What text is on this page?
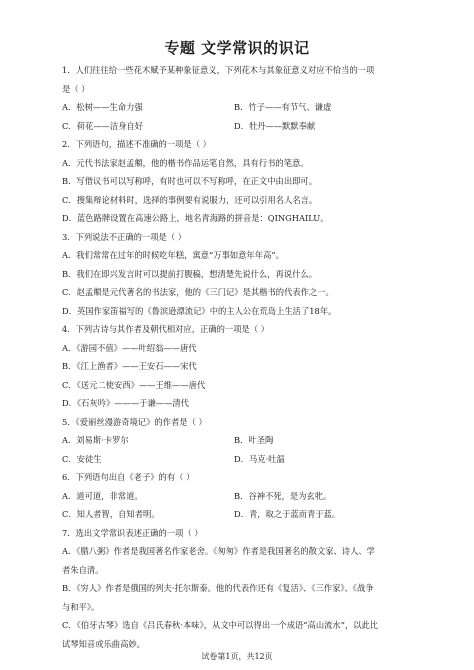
专题 文学常识的识记
1．人们往往给一些花木赋予某种象征意义，下列花木与其象征意义对应不恰当的一项
是（ ）
A．松树——生命力强	B．竹子——有节气、谦虚
C．荷花——洁身自好	D．牡丹——默默奉献
2．下列语句，描述不准确的一项是（ ）
A．元代书法家赵孟頫，他的楷书作品运笔自然，具有行书的笔意。
B．写借议书可以写称呼，有时也可以不写称呼，在正文中由出即可。
C．搜集辩论材料时，选择的事例要有说服力，还可以引用名人名言。
D．蓝色路牌设置在高速公路上，地名青海路的拼音是：QINGHAILU。
3．下列说法不正确的一项是（ ）
A．我们常常在过年的时候吃年糕，寓意“万事如意年年高”。
B．我们在即兴发言时可以提前打腹稿，想清楚先说什么，再说什么。
C．赵孟頫是元代著名的书法家，他的《三门记》是其楷书的代表作之一。
D．英国作家笛福写的《鲁滨逊漂流记》中的主人公在荒岛上生活了18年。
4．下列古诗与其作者及朝代相对应，正确的一项是（ ）
A．《游园不值》——叶绍翁——唐代
B．《江上渔者》——王安石——宋代
C．《送元二使安西》——王维——唐代
D．《石灰吟》———于谦——清代
5．《爱丽丝漫游奇境记》的作者是（ ）
A．刘易斯·卡罗尔	B．叶圣陶
C．安徒生	D．马克·吐温
6．下列语句出自《老子》的有（ ）
A．道可道，非常道。	B．谷神不死，是为玄牝。
C．知人者智，自知者明。	D．青，取之于蓝而青于蓝。
7．选出文学常识表述正确的一项（ ）
A．《腊八粥》作者是我国著名作家老舍。《匆匆》作者是我国著名的散文家、诗人、学
者朱自清。
B．《穷人》作者是俄国的列夫·托尔斯泰。他的代表作还有《复活》、《三作家》、《战争
与和平》。
C．《伯牙古琴》选自《吕氏春秋·本味》，从文中可以得出一个成语“高山流水”，以此比
试琴知音或乐曲高妙。
试卷第1页，共12页
